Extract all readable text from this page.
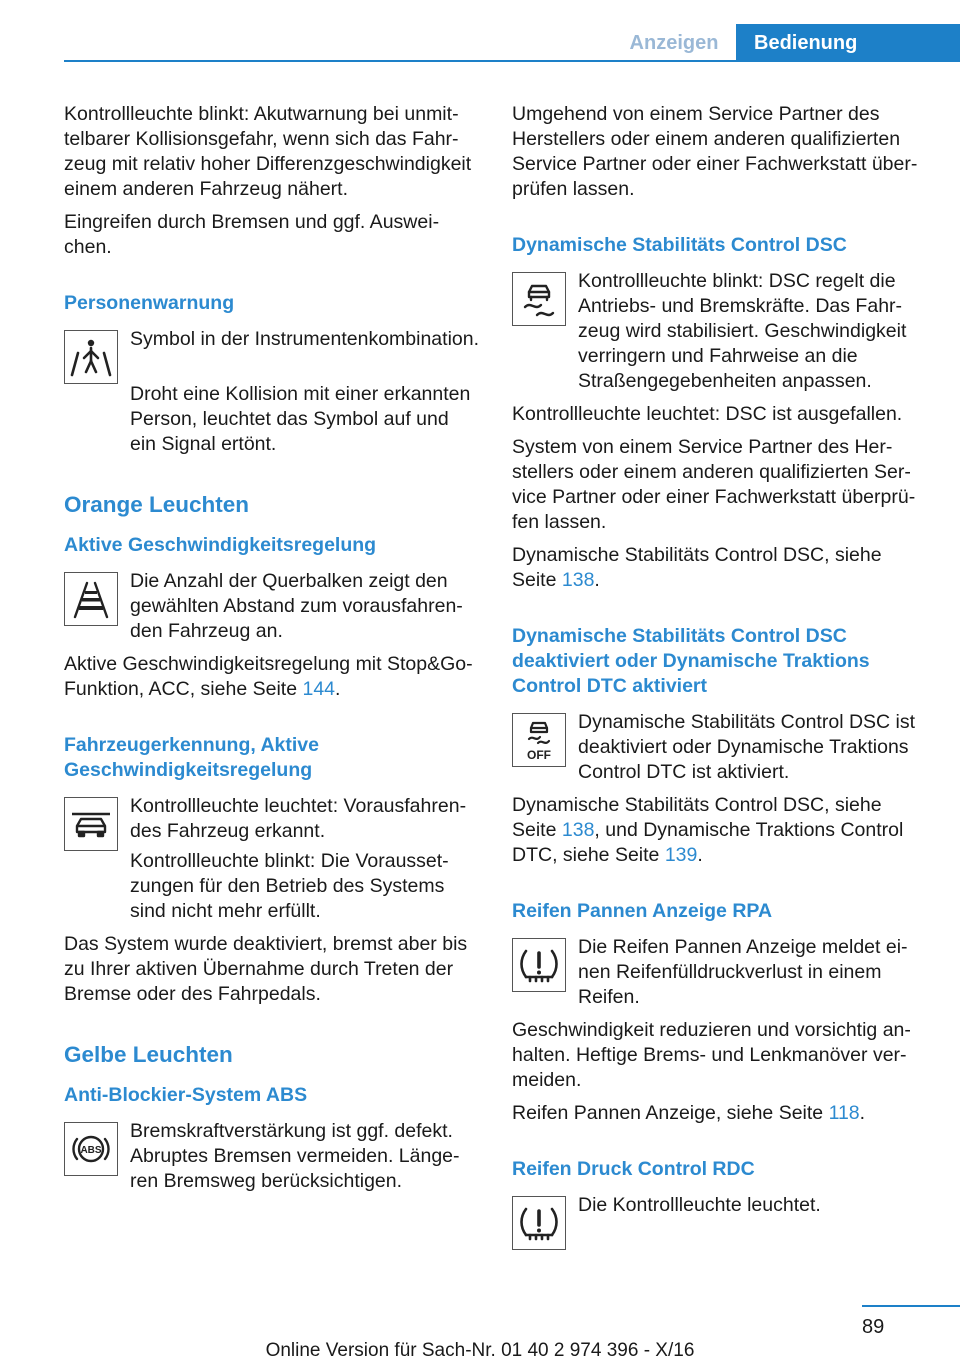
Anzeigen	Bedienung

Kontrollleuchte blinkt: Akutwarnung bei unmittelbarer Kollisionsgefahr, wenn sich das Fahrzeug mit relativ hoher Differenzgeschwindigkeit einem anderen Fahrzeug nähert.

Eingreifen durch Bremsen und ggf. Ausweichen.

Personenwarnung

Symbol in der Instrumentenkombination.

Droht eine Kollision mit einer erkannten Person, leuchtet das Symbol auf und ein Signal ertönt.

Orange Leuchten
Aktive Geschwindigkeitsregelung

Die Anzahl der Querbalken zeigt den gewählten Abstand zum vorausfahrenden Fahrzeug an.

Aktive Geschwindigkeitsregelung mit Stop&Go-Funktion, ACC, siehe Seite 144.

Fahrzeugerkennung, Aktive Geschwindigkeitsregelung

Kontrollleuchte leuchtet: Vorausfahrendes Fahrzeug erkannt.

Kontrollleuchte blinkt: Die Voraussetzungen für den Betrieb des Systems sind nicht mehr erfüllt.

Das System wurde deaktiviert, bremst aber bis zu Ihrer aktiven Übernahme durch Treten der Bremse oder des Fahrpedals.

Gelbe Leuchten
Anti-Blockier-System ABS
ABS

Bremskraftverstärkung ist ggf. defekt. Abruptes Bremsen vermeiden. Längeren Bremsweg berücksichtigen.

Umgehend von einem Service Partner des Herstellers oder einem anderen qualifizierten Service Partner oder einer Fachwerkstatt überprüfen lassen.

Dynamische Stabilitäts Control DSC

Kontrollleuchte blinkt: DSC regelt die Antriebs- und Bremskräfte. Das Fahrzeug wird stabilisiert. Geschwindigkeit verringern und Fahrweise an die Straßengegebenheiten anpassen.

Kontrollleuchte leuchtet: DSC ist ausgefallen.

System von einem Service Partner des Herstellers oder einem anderen qualifizierten Service Partner oder einer Fachwerkstatt überprüfen lassen.

Dynamische Stabilitäts Control DSC, siehe Seite 138.

Dynamische Stabilitäts Control DSC deaktiviert oder Dynamische Traktions Control DTC aktiviert
OFF

Dynamische Stabilitäts Control DSC ist deaktiviert oder Dynamische Traktions Control DTC ist aktiviert.

Dynamische Stabilitäts Control DSC, siehe Seite 138, und Dynamische Traktions Control DTC, siehe Seite 139.

Reifen Pannen Anzeige RPA

Die Reifen Pannen Anzeige meldet einen Reifenfülldruckverlust in einem Reifen.

Geschwindigkeit reduzieren und vorsichtig anhalten. Heftige Brems- und Lenkmanöver vermeiden.

Reifen Pannen Anzeige, siehe Seite 118.

Reifen Druck Control RDC

Die Kontrollleuchte leuchtet.

89
Online Version für Sach-Nr. 01 40 2 974 396 - X/16
